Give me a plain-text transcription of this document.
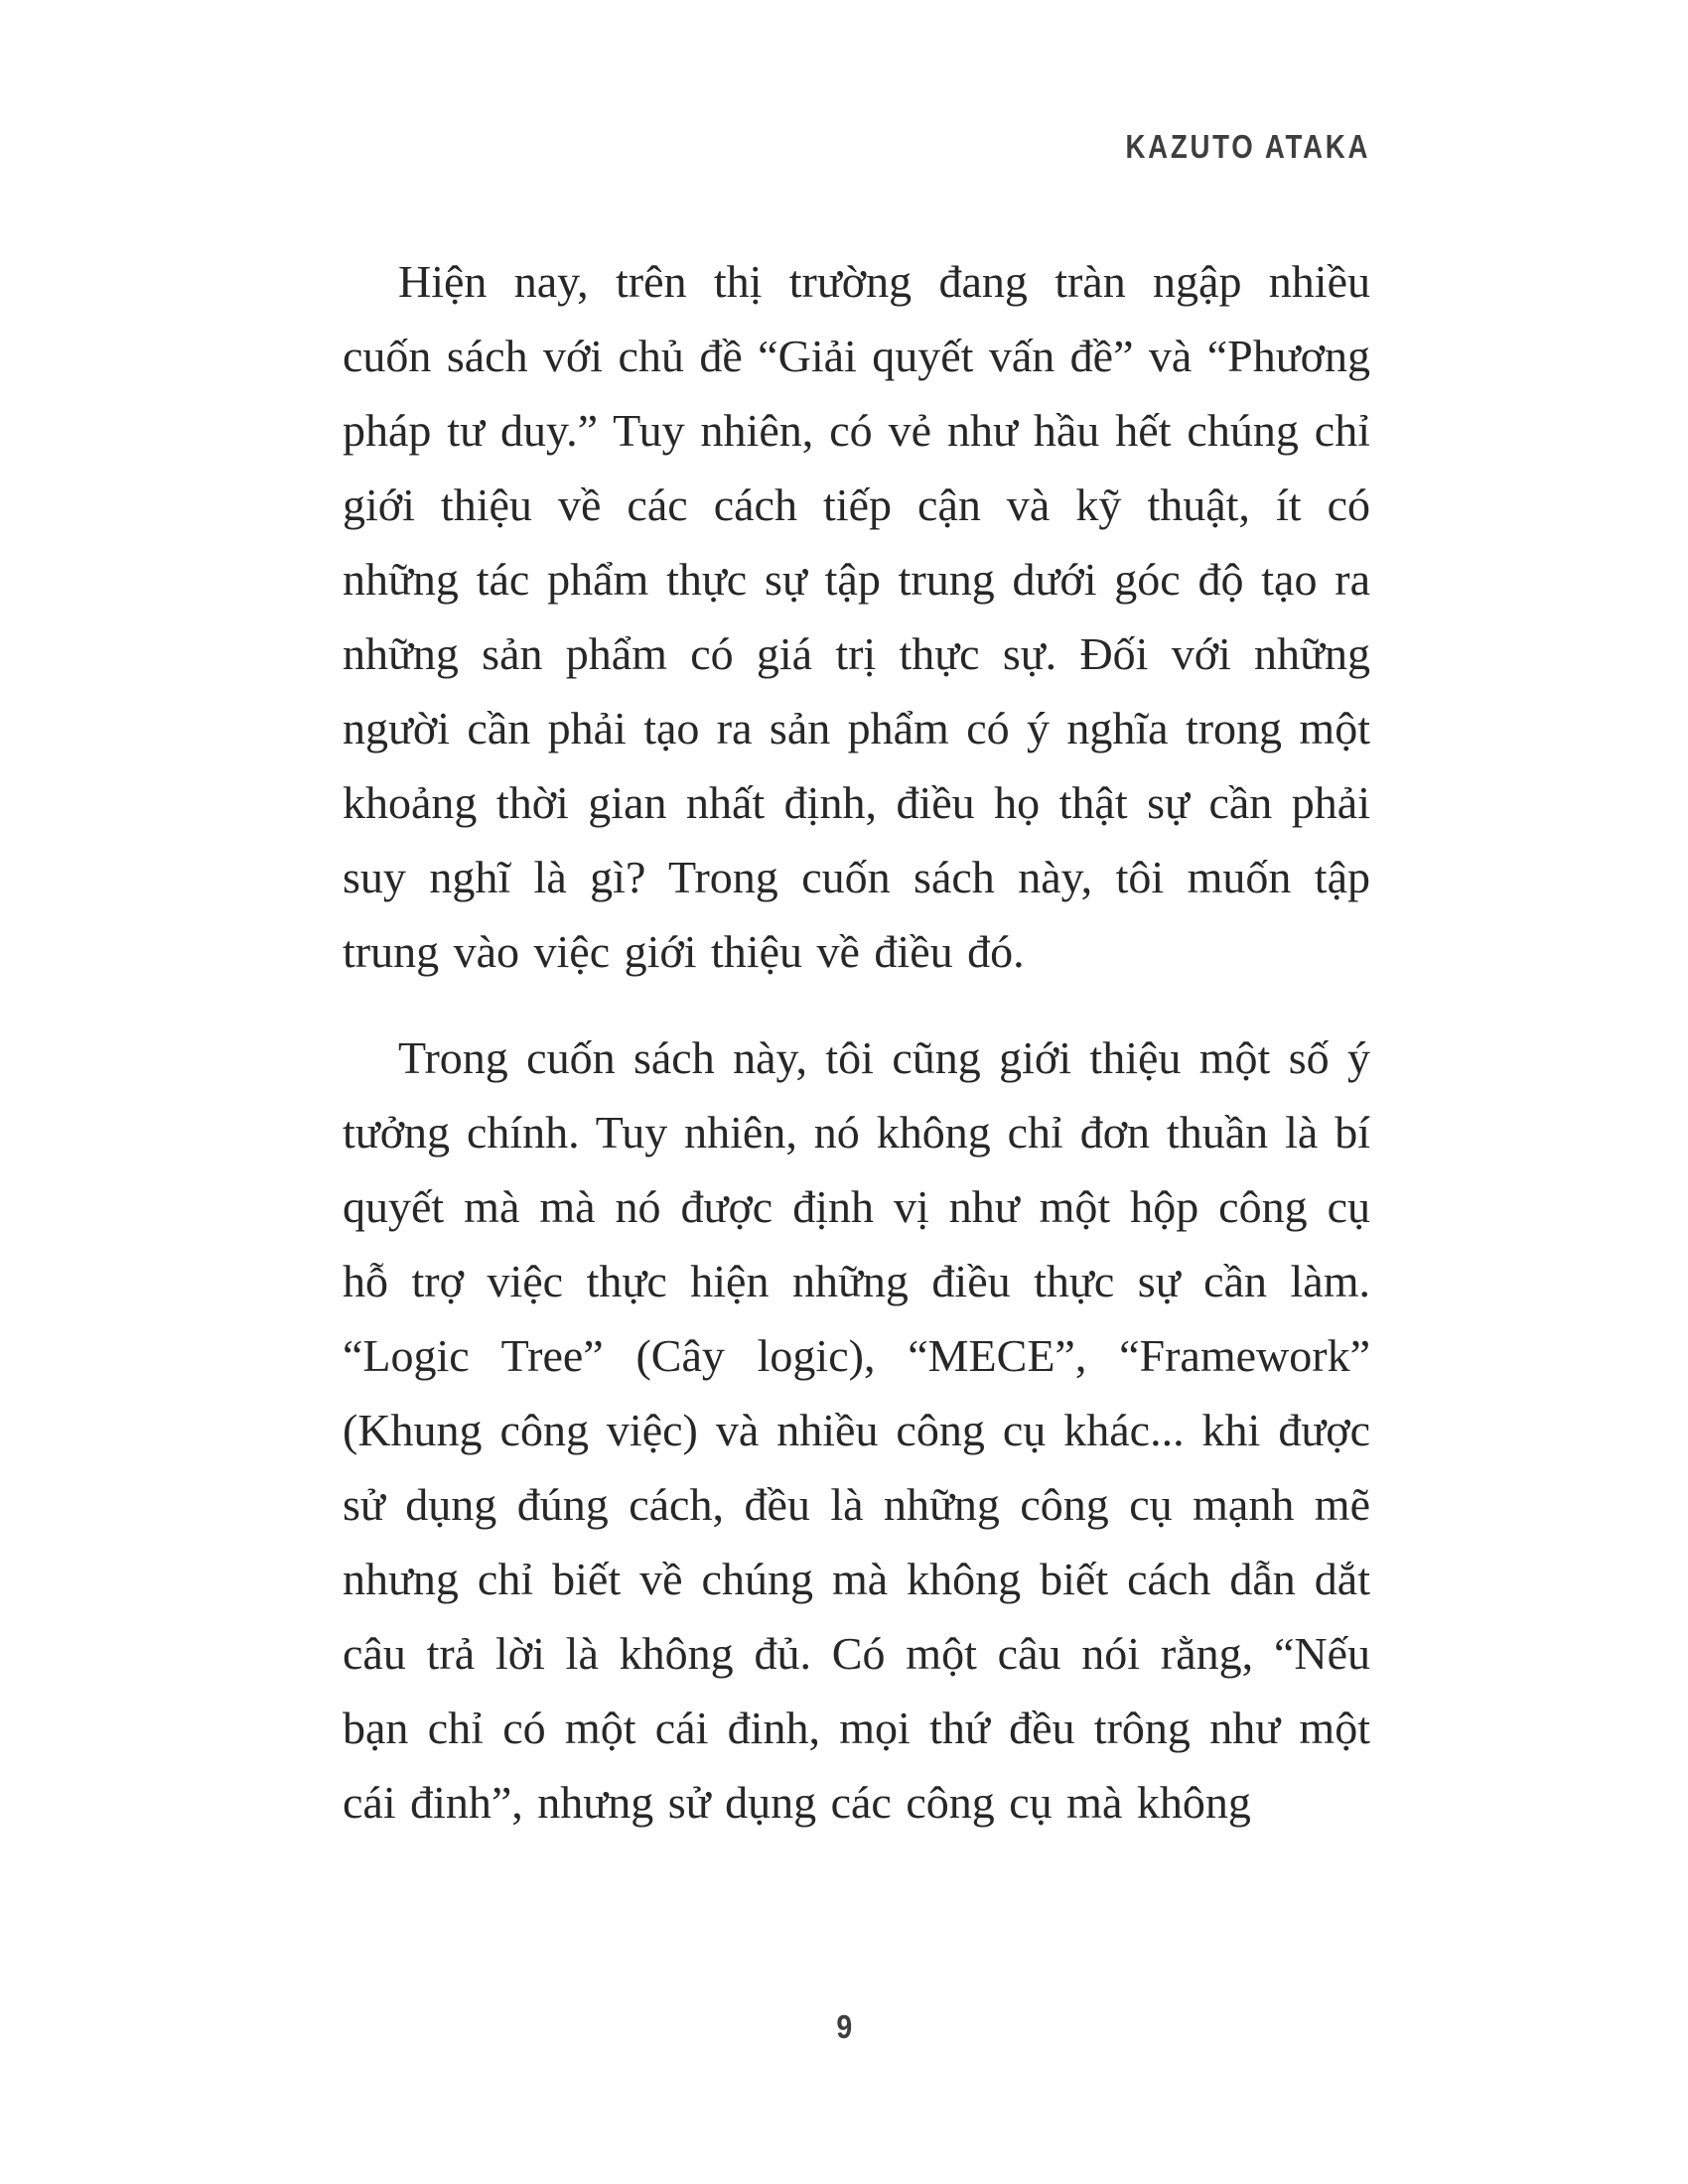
KAZUTO ATAKA

Hiện nay, trên thị trường đang tràn ngập nhiều cuốn sách với chủ đề “Giải quyết vấn đề” và “Phương pháp tư duy.” Tuy nhiên, có vẻ như hầu hết chúng chỉ giới thiệu về các cách tiếp cận và kỹ thuật, ít có những tác phẩm thực sự tập trung dưới góc độ tạo ra những sản phẩm có giá trị thực sự. Đối với những người cần phải tạo ra sản phẩm có ý nghĩa trong một khoảng thời gian nhất định, điều họ thật sự cần phải suy nghĩ là gì? Trong cuốn sách này, tôi muốn tập trung vào việc giới thiệu về điều đó.

Trong cuốn sách này, tôi cũng giới thiệu một số ý tưởng chính. Tuy nhiên, nó không chỉ đơn thuần là bí quyết mà mà nó được định vị như một hộp công cụ hỗ trợ việc thực hiện những điều thực sự cần làm. “Logic Tree” (Cây logic), “MECE”, “Framework” (Khung công việc) và nhiều công cụ khác... khi được sử dụng đúng cách, đều là những công cụ mạnh mẽ nhưng chỉ biết về chúng mà không biết cách dẫn dắt câu trả lời là không đủ. Có một câu nói rằng, “Nếu bạn chỉ có một cái đinh, mọi thứ đều trông như một cái đinh”, nhưng sử dụng các công cụ mà không

9
